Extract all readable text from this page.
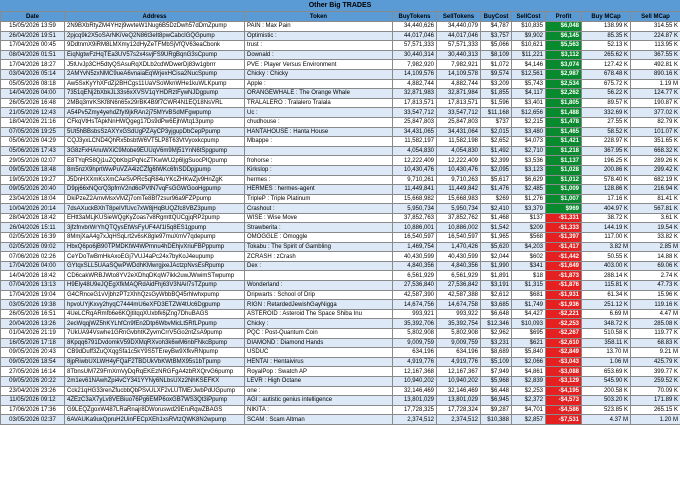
Other Big TRADES
Date	Address	Token	BuyTokens	SellTokens	BuyCost	SellCost	Profit	Buy MCap	Sell MCap
15/05/2026 13:59	2N9BXbRtyZM4YHzj9wvteW1Nug6B5DzDwh57dDmZpump	PAIN : Max Pain	34,440,626	34,440,079	$4,787	$10,835	$6,048	138.99 K	314.55 K
26/04/2026 19:51	2pjcq9k2X5oSArNKiVeQ2N86t3eIt8pwCabcIGQGpump	Optimistic :	44,017,046	44,017,046	$3,757	$9,902	$6,145	85.35 K	224.87 K
17/04/2026 00:45	9DdtnmX9iRM8LMXmy12dHyZeTFMbSjVfQV63eaCbonk	trust :	57,571,333	57,571,333	$5,066	$10,621	$5,563	52.13 K	113.95 K
08/04/2026 01:51	EiqNgtwFzHqTEa3UV57s2x4svjFS9URgBqnG3sCpump	Downald :	30,440,314	30,440,313	$8,109	$11,221	$3,112	265.62 K	367.55 K
17/04/2026 18:27	J5tUvJp3CH5dtyQSAsuRqXDLb2cdWDwerDj83w1gbrrr	PVE : Player Versus Environment	7,982,920	7,982,921	$1,072	$4,146	$3,074	127.42 K	492.81 K
03/04/2026 05:14	2AMYvN5zxNMC9ueA6vnaiaEqWrjexHCisa2NucSpump	Chicky : Chicky	14,109,576	14,109,578	$9,574	$12,561	$2,987	678.48 K	890.16 K
05/05/2026 08:18	Aw5SxKyYhXFdZj2BHCgs11UaVSoWknWHe1kuWLKpump	Apple :	4,882,744	4,882,744	$3,209	$5,743	$2,534	675.72 K	1.19 M
14/04/2026 04:00	7351qENj2bXbkJL33s6xXVSV1qYHDRztFywNJDgpump	ORANGEWHALE : The Orange Whale	32,871,983	32,871,984	$1,855	$4,117	$2,262	56.22 K	124.77 K
26/05/2026 16:48	2MBq3mrKSKf8N6n65x29rBK4B9f7CWR4N1EQ18NsVRL	TRALALERO : Tralalero Tralala	17,813,571	17,813,571	$1,596	$3,401	$1,805	89.57 K	190.87 K
21/05/2026 12:43	A54Pv5Zmy4yehdZfyI9jkRAn2j75MYvBSdMFgwpump	Uc :	33,547,712	33,547,712	$11,168	$12,656	$1,488	332.69 K	377.02 K
18/04/2026 21:16	CFkqVtHsTApkNnHWQgeg17Ds9dPw6EjhWtq13pump	chudhouse :	25,847,803	25,847,803	$737	$2,215	$1,478	27.55 K	82.79 K
07/05/2026 19:25	5Ut5hBBsbsSzAXYxGSdUgPZAyCP3yjgupDbCepPpump	HANTAHOUSE : Hanta House	34,431,065	34,431,064	$2,015	$3,480	$1,465	58.52 K	101.07 K
05/06/2026 04:29	CQJ3yxLCND4QhRx5bsbtW6VT5LP8T63VtVyoxkcpump	Mbappe :	11,582,197	11,582,198	$2,652	$4,073	$1,421	228.97 K	351.65 K
05/06/2026 17:43	3G8zFxHAnuWXiC9Mobe9EUUqV6m9Mj51YnN6tSpgpump		4,054,830	4,054,830	$1,492	$2,710	$1,218	367.95 K	668.32 K
29/05/2026 02:07	E8TYqR58Qj1uZQbKbjzPqNcZTKwWU2p6ljgSuocPIQpump	frohorse :	12,222,409	12,222,409	$2,399	$3,536	$1,137	196.25 K	289.26 K
09/05/2026 18:48	8m5nzX9hprtWwPuVZA4izCZfg6tWKc6fnSDDpjpump	Kirkslop :	10,430,476	10,430,476	$2,095	$3,123	$1,028	200.86 K	299.42 K
19/05/2026 19:27	J5DnHXXmKsXmCAeSvPRc5qR84uYKcZHKwZjv9HnZgK	hermes :	9,710,261	9,710,263	$5,617	$6,629	$1,012	578.40 K	682.19 K
09/05/2026 20:40	D9pj66xNQcrQ3pfmV2nd6cPVtN7vqFsGGWGooHgpump	HERMES : hermes-agent	11,449,841	11,449,842	$1,476	$2,485	$1,009	128.86 K	216.94 K
23/04/2026 18:04	DkiPzeZ2AmvMsxVMZj7omTe8Bf7zsur96a9FZPpump	TripleP : Triple Platinum	15,668,982	15,668,983	$269	$1,276	$1,007	17.16 K	81.41 K
10/04/2026 20:14	7dsAXuckBXhT8peIVfUvc7xW8jHqBUQZfc8VBZ3pump	Crashout :	5,950,734	5,950,734	$2,410	$3,379	$969	404.97 K	567.81 K
28/04/2026 18:42	EHtt3aMLjKUSieWQgKyZoas7v8RgmttQUCgjqRP2pump	WISE : Wise Move	37,852,763	37,852,762	$1,468	$137	-$1,331	38.72 K	3.61 K
26/04/2026 15:11	3jfzfnvbrWrYhQTQysEtWsFyUF4Af1I5q8ES1gpump	Strawberita :	10,886,001	10,886,002	$1,542	$209	-$1,333	144.19 K	19.54 K
02/05/2026 16:39	8MmjXaA4g7xJqHSqLrt2v6sK8gle97muXmV7qdepump	OMOGGLE : Omoggle	16,540,597	16,540,597	$1,965	$568	-$1,397	117.00 K	33.82 K
02/05/2026 09:02	HbxQ6po6jB90TPMDKtW4WPmnu4hDEhjvXriuFBPppump	Tokabu : The Spirit of Gambling	1,469,754	1,470,426	$5,620	$4,203	-$1,417	3.82 M	2.85 M
07/06/2026 02:26	CeYDoTwBmHkAxoEGj7VUJ4aPc24x7byKoJ4eupump	ZCRASH : zCrash	40,430,599	40,430,599	$2,044	$602	-$1,442	50.55 K	14.88 K
17/04/2026 04:00	GYtqxSLL5UAaSQwPWDdhKMwrgjxeJActzpNvsEsRpump	Dex :	4,840,356	4,840,356	$1,990	$341	-$1,649	403.00 K	69.06 K
14/04/2026 18:42	CD6cakWRBJWto8YV2eXDhqDKqW7ikk2uwJWwimSTwpump		6,561,929	6,561,929	$1,891	$18	-$1,873	288.14 K	2.74 K
07/04/2026 13:13	H9Ely48U9eJQEgXfkMAQRdAidFhj63V3NAiI7sTZpump	Wonderland :	27,536,840	27,536,842	$3,191	$1,315	-$1,876	115.81 K	47.73 K
17/04/2026 19:04	G4CRnceG1vVjbhzPTzXhhQzsGyWbbBQ45rhlwhxpump	Dripwarts : School of Drip	42,587,390	42,587,388	$2,612	$681	-$1,931	61.34 K	15.96 K
03/05/2026 19:38	hpvoUYjKxvy2hyqC7444mU6eXFD3ETZW4tUc6Dgpump	RIGN : RetardedJewishGayNigga	14,674,756	14,674,758	$3,685	$1,749	-$1,936	251.12 K	119.16 K
26/05/2026 16:51	4UeLCRqARmfb6e6KQjtitqqXUxbfk6jZng7DhuBAGS	ASTEROID : Asteroid The Space Shiba Inu	993,921	993,922	$6,648	$4,427	-$2,221	6.69 M	4.47 M
20/04/2026 13:26	2ecWqqjWZ5hKYLhfCn9fEn2Dtp6WbvMicLt5RfLPpump	Chicky :	35,392,706	35,392,754	$12,346	$10,093	-$2,253	348.72 K	285.08 K
01/04/2026 21:19	7UkUA94Vswhe1GRnGvbhtKZyvmCrrV5Go2ntZsA9pump	PQC : Post-Quantum Coin	5,802,908	5,802,908	$2,962	$695	-$2,267	510.58 K	119.77 K
16/05/2026 17:18	8Kpqq6791DvdomkV59DXMqRXvoh3k6wM6nbFNkcBpump	DIAMOND : Diamond Hands	9,009,759	9,009,759	$3,231	$621	-$2,610	358.11 K	68.83 K
09/05/2026 20:43	CB9dDuff3ZuQXqgSfa1c5kY9S5TEreyBw9XfkvRNpump	USDUC	634,196	634,196	$8,689	$5,840	-$2,849	13.70 M	9.21 M
09/05/2026 18:54	8jpRiwbUXLWH4yFQaF2TBDUkVbKWtBMX95s1bTpump	HENTAI : Hentaivirus	4,919,776	4,919,776	$5,109	$2,066	-$3,043	1.06 M	425.79 K
27/05/2026 16:14	8TbnsUM7Z9FmXmVyDqRqEKEzNRGFgA4zbRXQrvG6pump	RoyalPop : Swatch AP	12,167,368	12,167,367	$7,949	$4,861	-$3,088	653.69 K	399.77 K
09/05/2026 20:22	2m1ev61NAwhZpi4vCY341YYNy6NLbsUXz2NhKSEFKX	LEVR : High Octane	10,940,202	10,940,202	$5,968	$2,839	-$3,129	545.90 K	259.52 K
23/04/2026 23:26	Cck21qHG33renZfucbbQbPSvULXF2vLUTMErJwbPdUGpump	one :	32,146,469	32,146,469	$6,448	$2,253	-$4,195	200.58 K	70.09 K
11/05/2026 09:12	4ZEzC3aX7yLv8VEBiuo76Pg6EMP6oxGB7WS3Qt3iPpump	AGI : autistic genius intelligence	13,801,029	13,801,029	$6,945	$2,372	-$4,573	503.20 K	171.89 K
17/06/2026 17:36	G9LEQZgoxW487LRaRnajr8DWoruswd29EruRqwZBAGS	NIKITA :	17,728,325	17,728,324	$9,287	$4,701	-$4,586	523.85 K	265.15 K
03/05/2026 02:37	6AVAUKa9uxQpruH2UinFECpXEh1xsRVtzQWK8N2wpump	SCAM : Scam Altman	2,374,512	2,374,512	$10,388	$2,857	-$7,531	4.37 M	1.20 M
